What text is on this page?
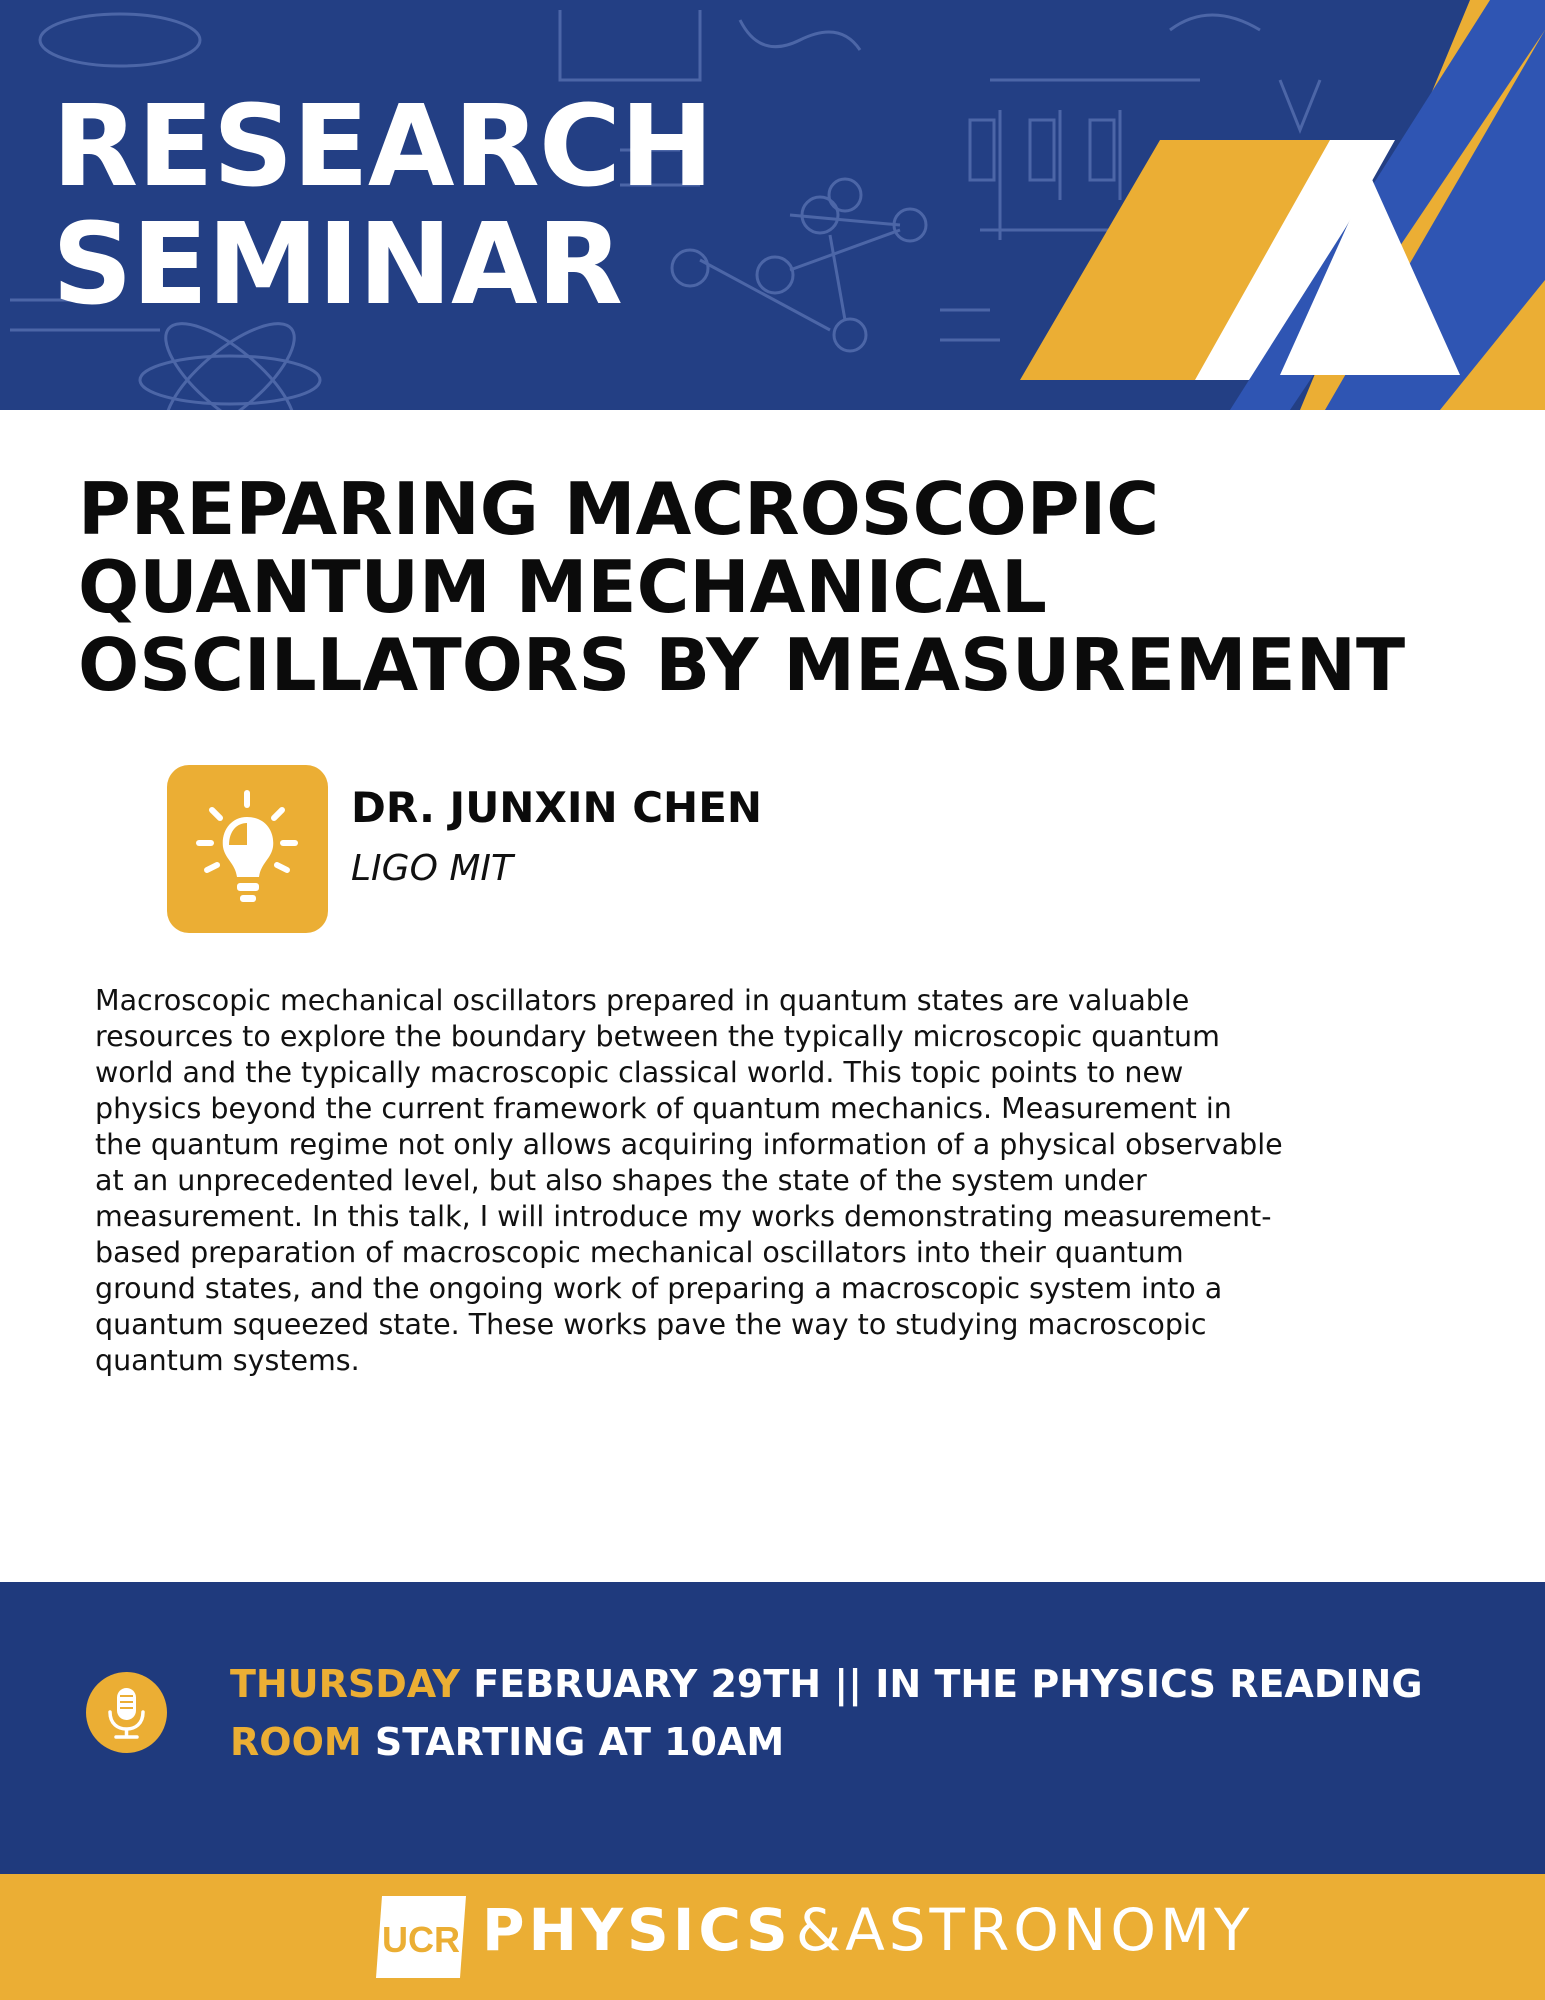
RESEARCH
SEMINAR
PREPARING MACROSCOPIC
QUANTUM MECHANICAL
OSCILLATORS BY MEASUREMENT
DR. JUNXIN CHEN
LIGO MIT
Macroscopic mechanical oscillators prepared in quantum states are valuable
resources to explore the boundary between the typically microscopic quantum
world and the typically macroscopic classical world. This topic points to new
physics beyond the current framework of quantum mechanics. Measurement in
the quantum regime not only allows acquiring information of a physical observable
at an unprecedented level, but also shapes the state of the system under
measurement. In this talk, I will introduce my works demonstrating measurement-
based preparation of macroscopic mechanical oscillators into their quantum
ground states, and the ongoing work of preparing a macroscopic system into a
quantum squeezed state. These works pave the way to studying macroscopic
quantum systems.
THURSDAY FEBRUARY 29TH || IN THE PHYSICS READING
ROOM STARTING AT 10AM
UCR PHYSICS&ASTRONOMY
